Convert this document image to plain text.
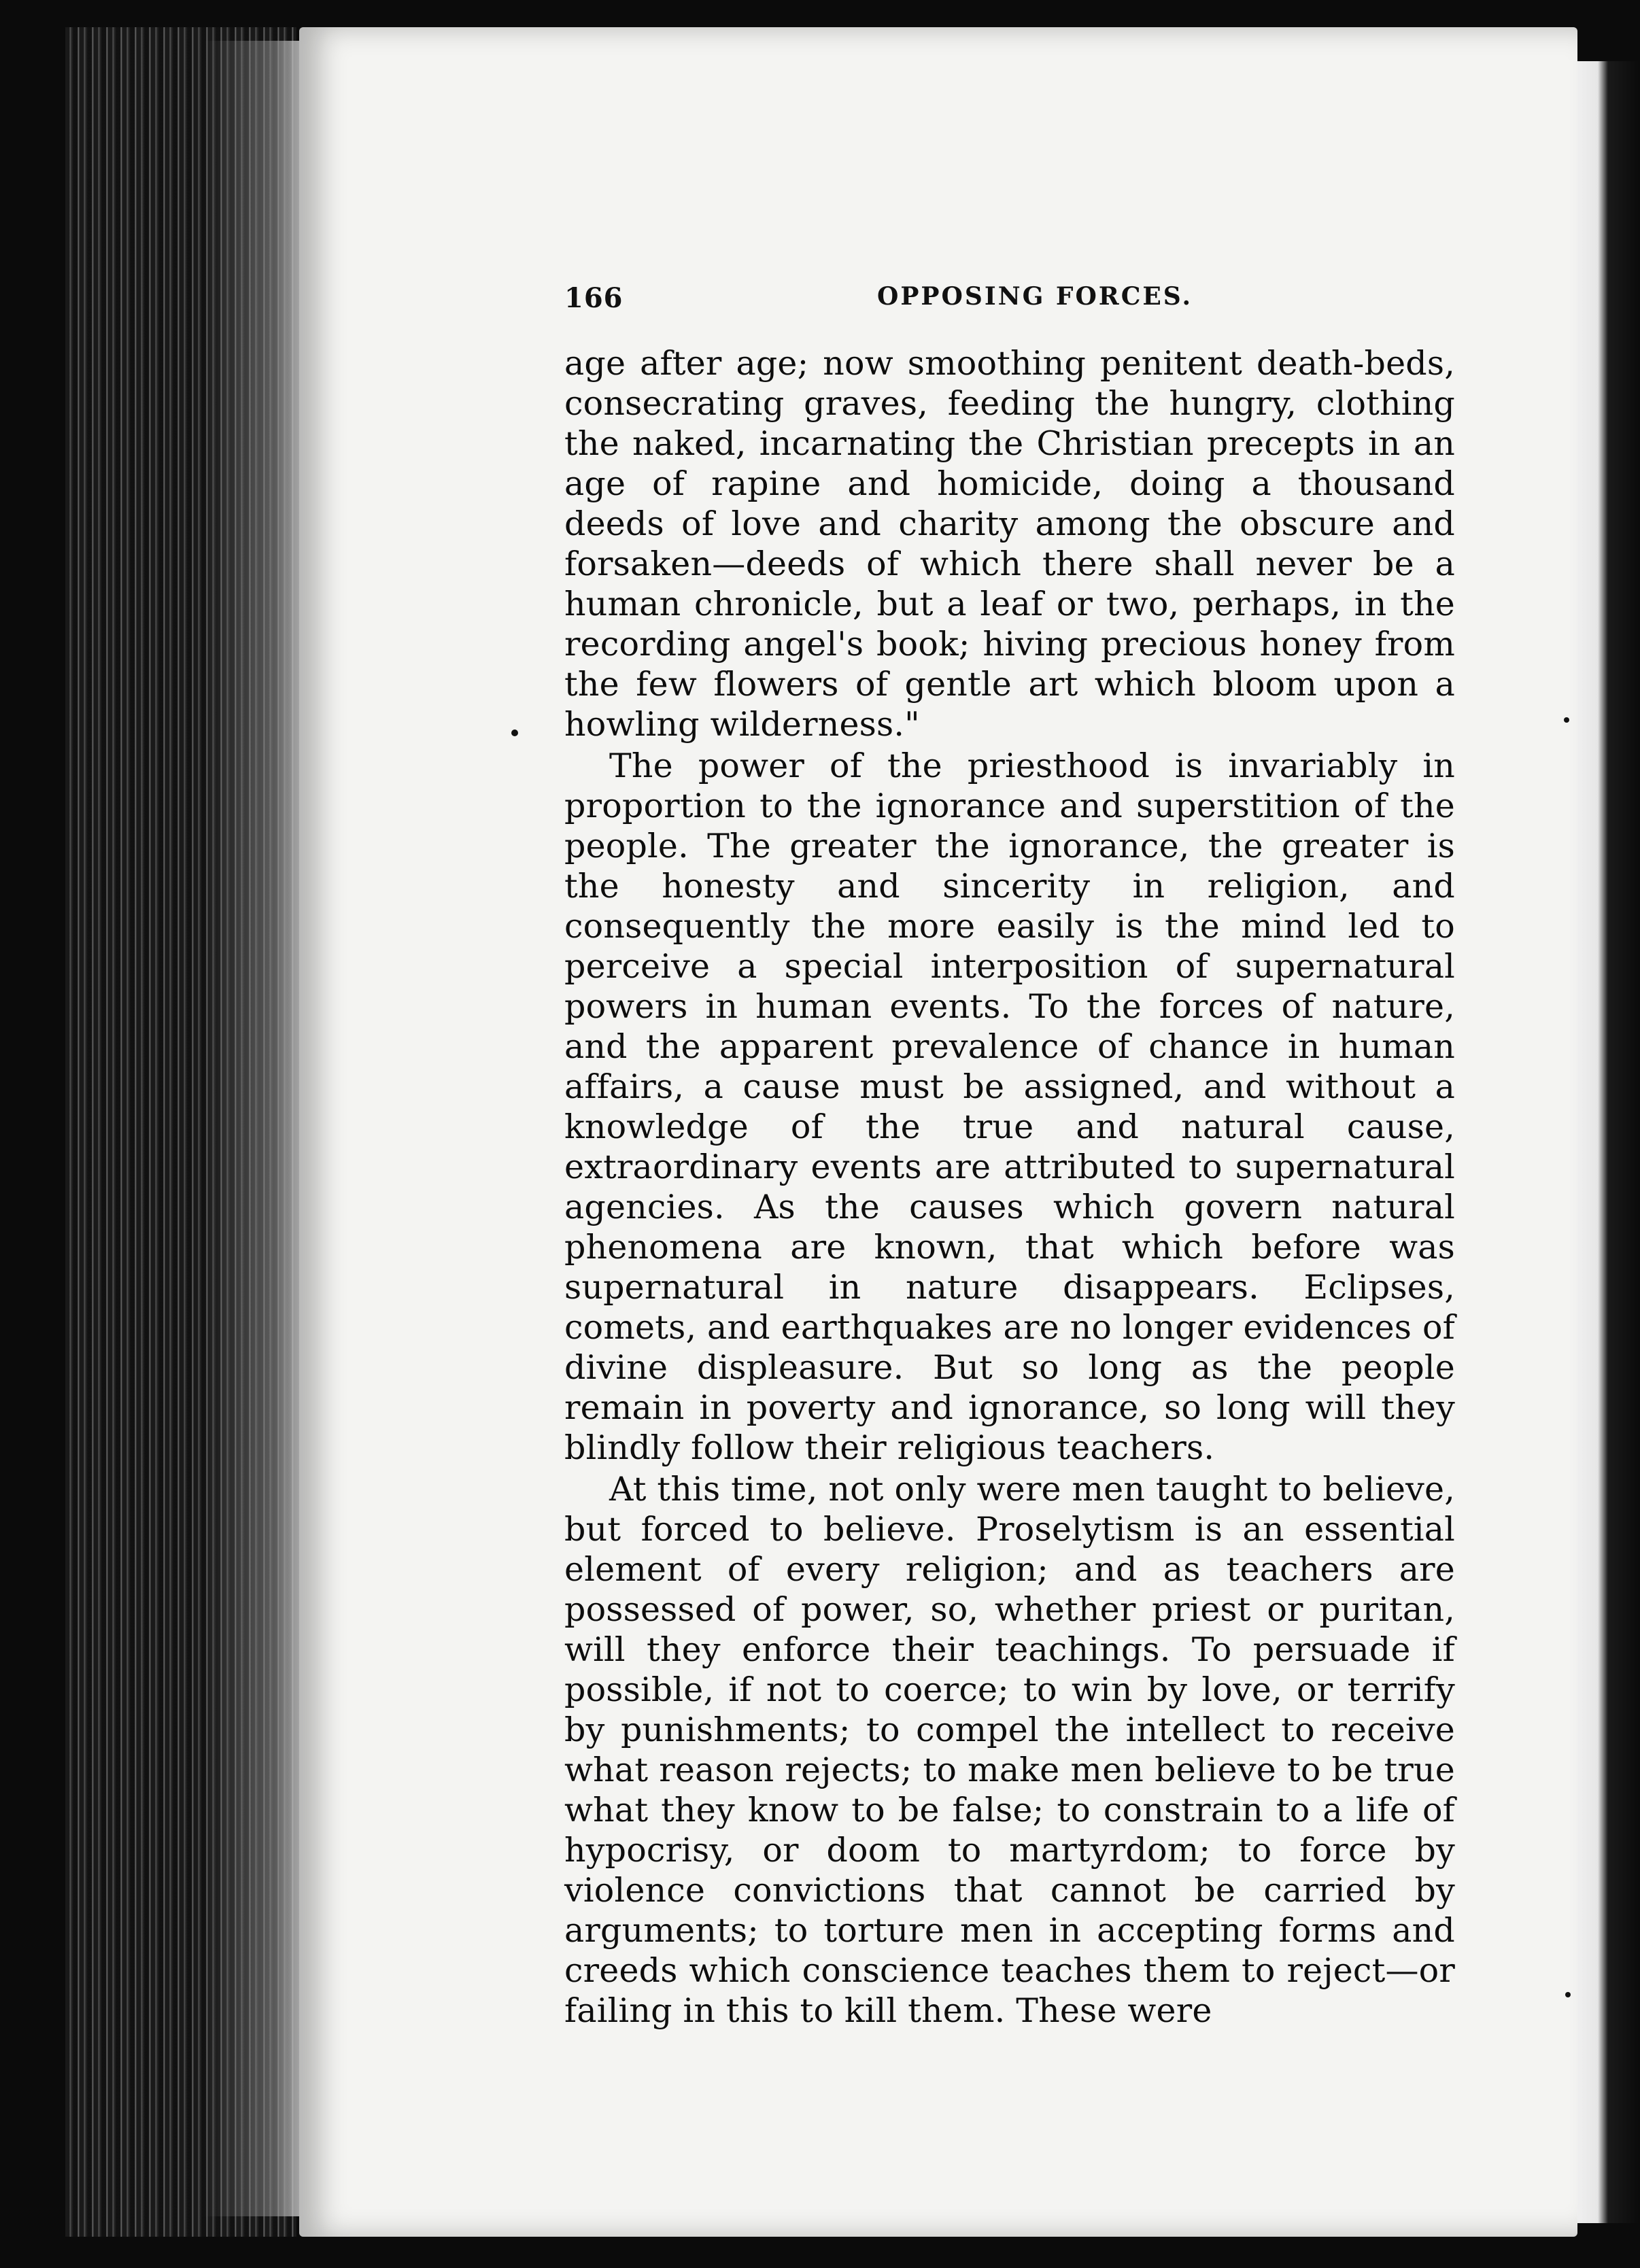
166	OPPOSING FORCES.

age after age; now smoothing penitent death-beds, consecrating graves, feeding the hungry, clothing the naked, incarnating the Christian precepts in an age of rapine and homicide, doing a thousand deeds of love and charity among the obscure and forsaken—deeds of which there shall never be a human chronicle, but a leaf or two, perhaps, in the recording angel's book; hiving precious honey from the few flowers of gentle art which bloom upon a howling wilderness."

The power of the priesthood is invariably in proportion to the ignorance and superstition of the people. The greater the ignorance, the greater is the honesty and sincerity in religion, and consequently the more easily is the mind led to perceive a special interposition of supernatural powers in human events. To the forces of nature, and the apparent prevalence of chance in human affairs, a cause must be assigned, and without a knowledge of the true and natural cause, extraordinary events are attributed to supernatural agencies. As the causes which govern natural phenomena are known, that which before was supernatural in nature disappears. Eclipses, comets, and earthquakes are no longer evidences of divine displeasure. But so long as the people remain in poverty and ignorance, so long will they blindly follow their religious teachers.

At this time, not only were men taught to believe, but forced to believe. Proselytism is an essential element of every religion; and as teachers are possessed of power, so, whether priest or puritan, will they enforce their teachings. To persuade if possible, if not to coerce; to win by love, or terrify by punishments; to compel the intellect to receive what reason rejects; to make men believe to be true what they know to be false; to constrain to a life of hypocrisy, or doom to martyrdom; to force by violence convictions that cannot be carried by arguments; to torture men in accepting forms and creeds which conscience teaches them to reject—or failing in this to kill them. These were
